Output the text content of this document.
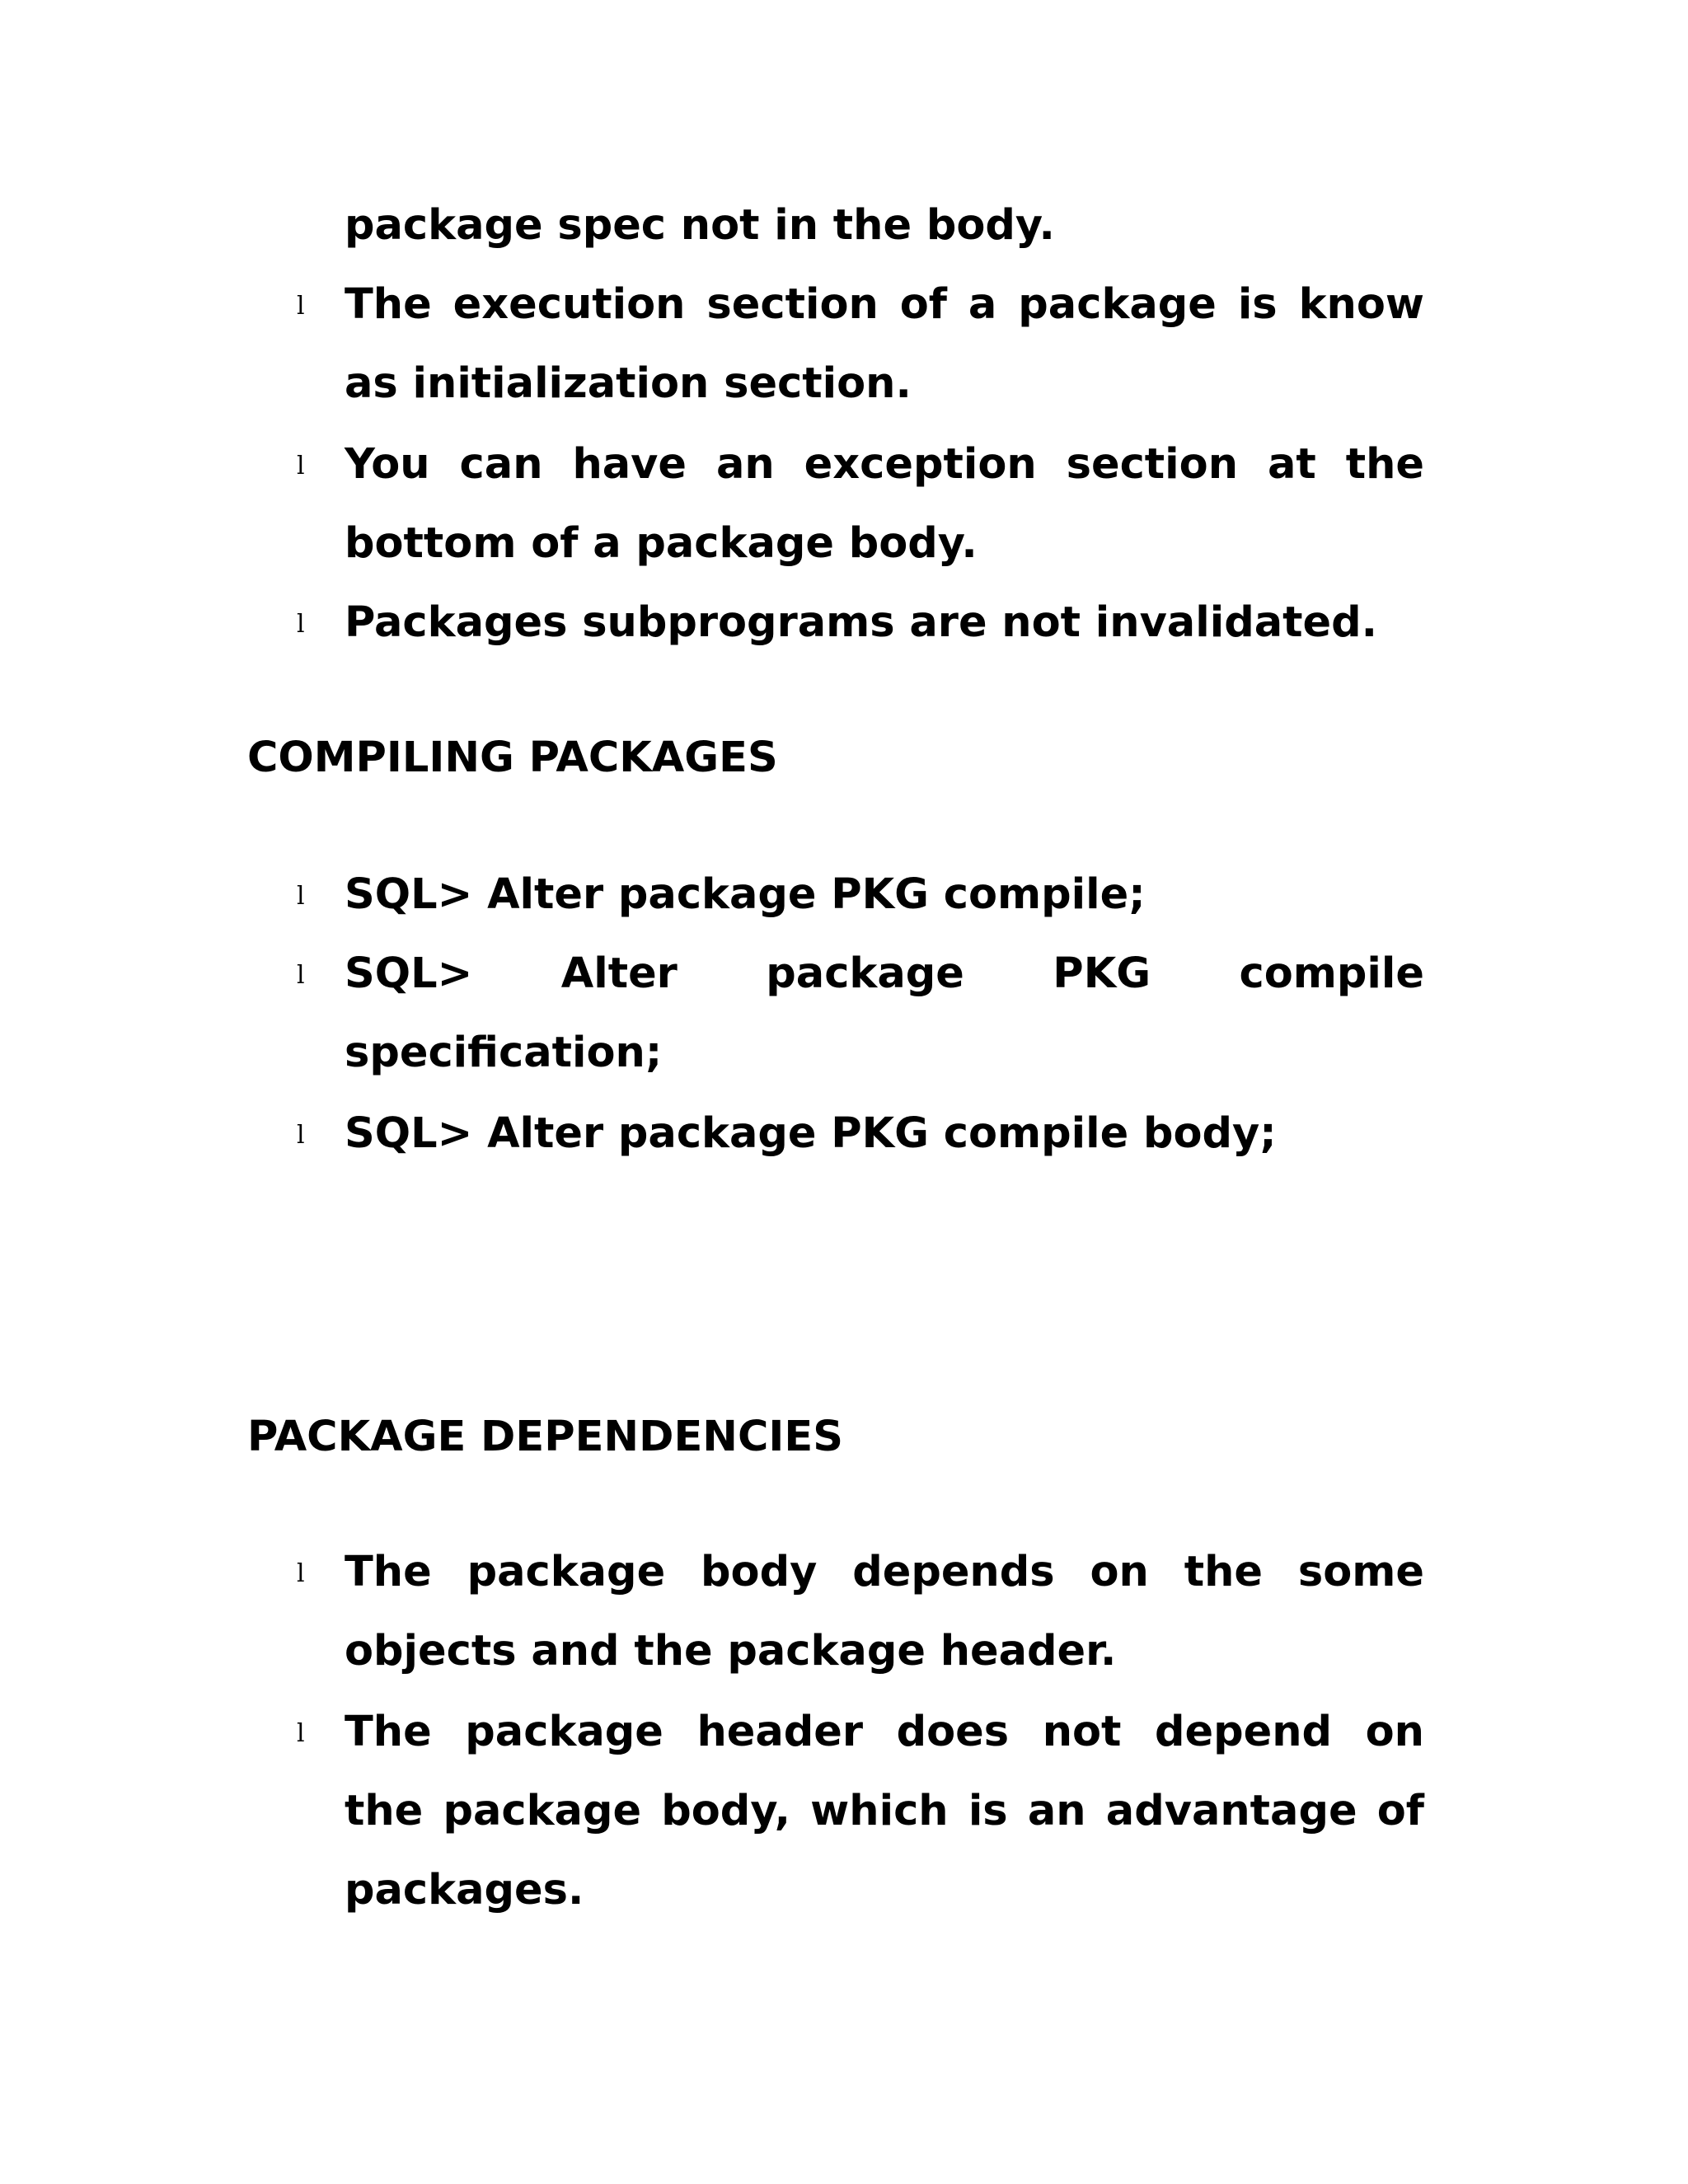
package spec not in the body.
l The execution section of a package is know
as initialization section.
l You can have an exception section at the
bottom of a package body.
l Packages subprograms are not invalidated.
COMPILING PACKAGES
l SQL> Alter package PKG compile;
l SQL> Alter package PKG compile
specification;
l SQL> Alter package PKG compile body;
PACKAGE DEPENDENCIES
l The package body depends on the some
objects and the package header.
l The package header does not depend on
the package body, which is an advantage of
packages.
